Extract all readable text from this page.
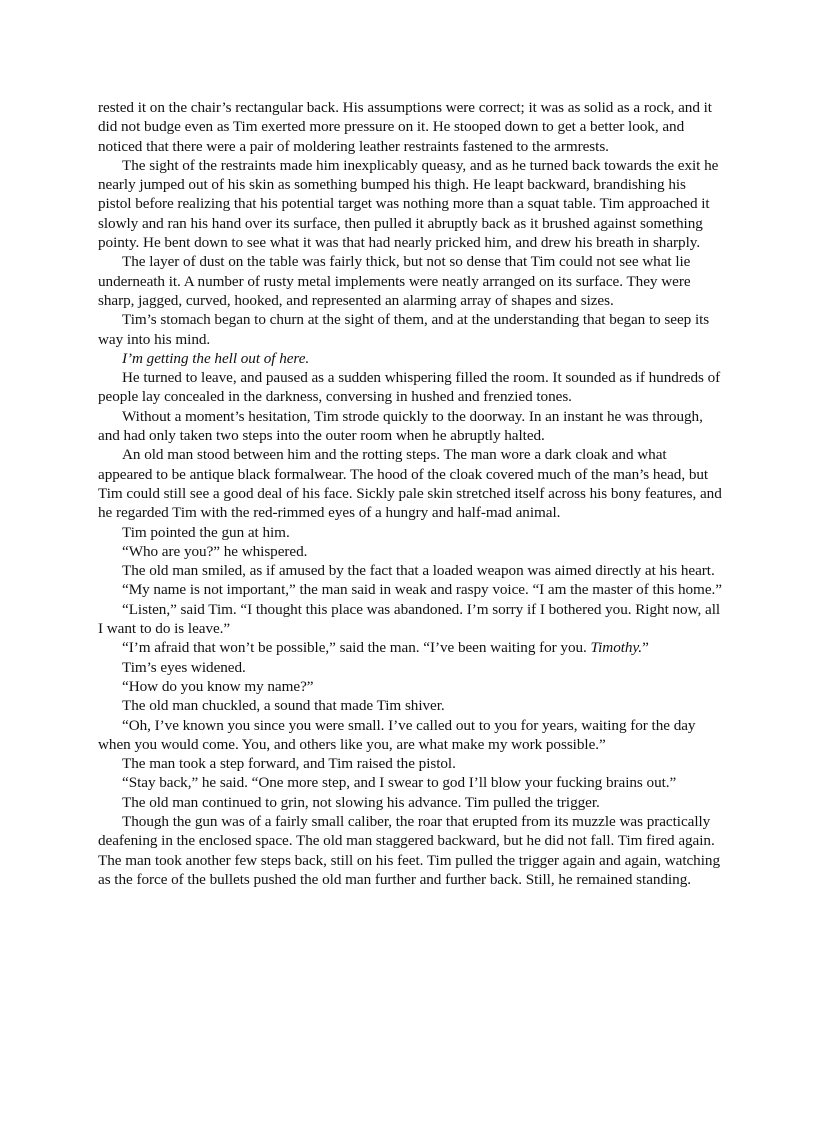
rested it on the chair’s rectangular back. His assumptions were correct; it was as solid as a rock, and it did not budge even as Tim exerted more pressure on it. He stooped down to get a better look, and noticed that there were a pair of moldering leather restraints fastened to the armrests.

The sight of the restraints made him inexplicably queasy, and as he turned back towards the exit he nearly jumped out of his skin as something bumped his thigh. He leapt backward, brandishing his pistol before realizing that his potential target was nothing more than a squat table. Tim approached it slowly and ran his hand over its surface, then pulled it abruptly back as it brushed against something pointy. He bent down to see what it was that had nearly pricked him, and drew his breath in sharply.

The layer of dust on the table was fairly thick, but not so dense that Tim could not see what lie underneath it. A number of rusty metal implements were neatly arranged on its surface. They were sharp, jagged, curved, hooked, and represented an alarming array of shapes and sizes.

Tim’s stomach began to churn at the sight of them, and at the understanding that began to seep its way into his mind.

I’m getting the hell out of here.

He turned to leave, and paused as a sudden whispering filled the room. It sounded as if hundreds of people lay concealed in the darkness, conversing in hushed and frenzied tones.

Without a moment’s hesitation, Tim strode quickly to the doorway. In an instant he was through, and had only taken two steps into the outer room when he abruptly halted.

An old man stood between him and the rotting steps. The man wore a dark cloak and what appeared to be antique black formalwear. The hood of the cloak covered much of the man’s head, but Tim could still see a good deal of his face. Sickly pale skin stretched itself across his bony features, and he regarded Tim with the red-rimmed eyes of a hungry and half-mad animal.

Tim pointed the gun at him.

“Who are you?” he whispered.

The old man smiled, as if amused by the fact that a loaded weapon was aimed directly at his heart.

“My name is not important,” the man said in weak and raspy voice. “I am the master of this home.”

“Listen,” said Tim. “I thought this place was abandoned. I’m sorry if I bothered you. Right now, all I want to do is leave.”

“I’m afraid that won’t be possible,” said the man. “I’ve been waiting for you. Timothy.”

Tim’s eyes widened.

“How do you know my name?”

The old man chuckled, a sound that made Tim shiver.

“Oh, I’ve known you since you were small. I’ve called out to you for years, waiting for the day when you would come. You, and others like you, are what make my work possible.”

The man took a step forward, and Tim raised the pistol.

“Stay back,” he said. “One more step, and I swear to god I’ll blow your fucking brains out.”

The old man continued to grin, not slowing his advance. Tim pulled the trigger.

Though the gun was of a fairly small caliber, the roar that erupted from its muzzle was practically deafening in the enclosed space. The old man staggered backward, but he did not fall. Tim fired again. The man took another few steps back, still on his feet. Tim pulled the trigger again and again, watching as the force of the bullets pushed the old man further and further back. Still, he remained standing.
